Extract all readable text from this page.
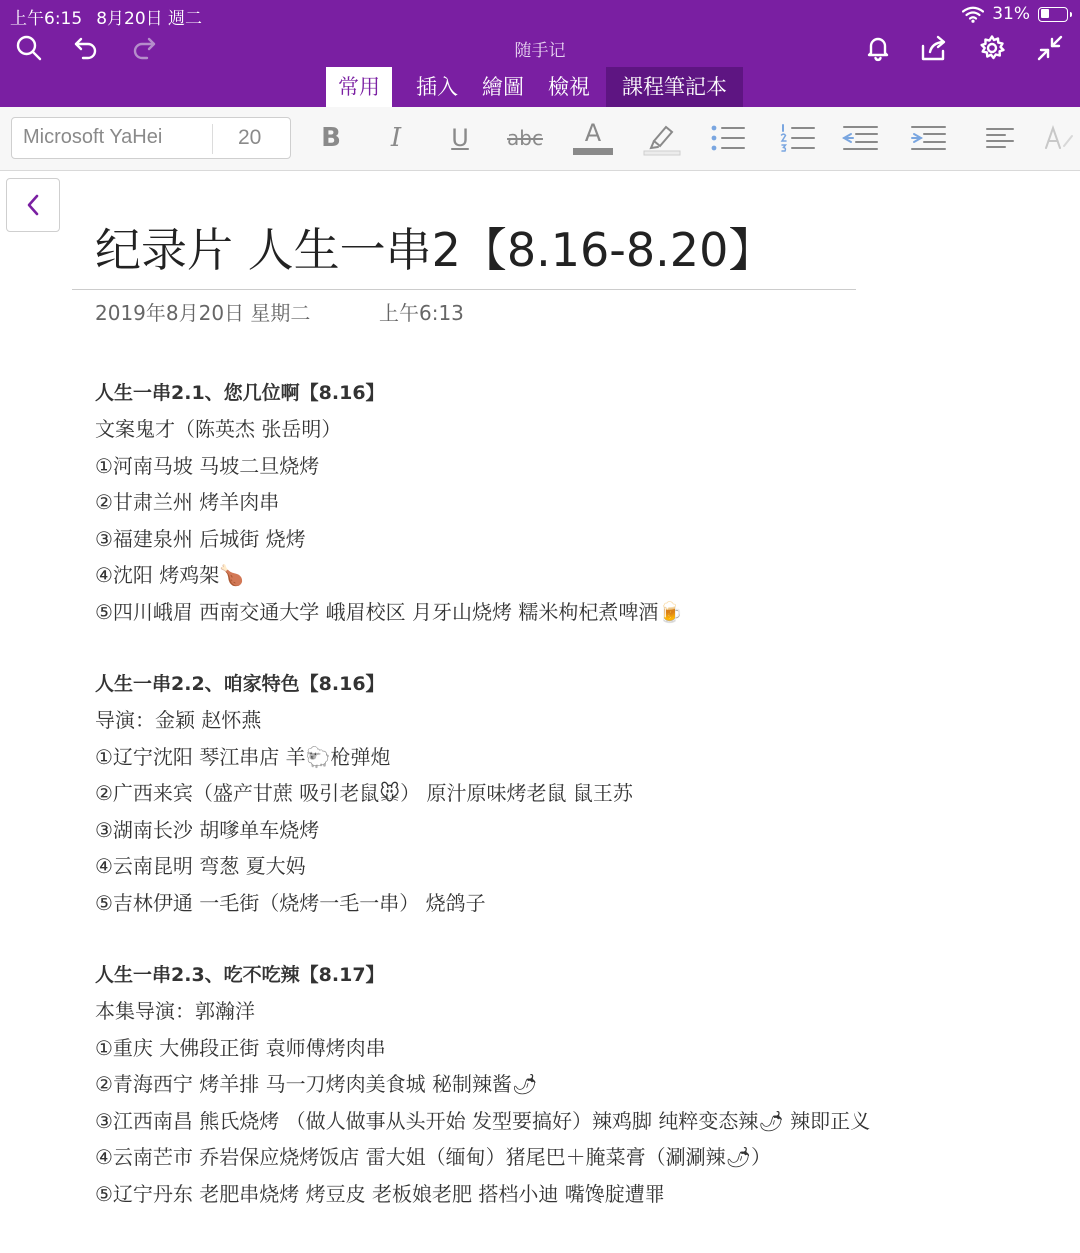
上午6:15 8月20日 週二	31%
随手记
常用	插入	繪圖	檢視	課程筆記本
Microsoft YaHei	20 B I U abc A
纪录片 人生一串2【8.16-8.20】
2019年8月20日 星期二	上午6:13
人生一串2.1、您几位啊【8.16】
文案鬼才（陈英杰 张岳明）
①河南马坡 马坡二旦烧烤
②甘肃兰州 烤羊肉串
③福建泉州 后城街 烧烤
④沈阳 烤鸡架🍗
⑤四川峨眉 西南交通大学 峨眉校区 月牙山烧烤 糯米枸杞煮啤酒🍺
人生一串2.2、咱家特色【8.16】
导演：金颖 赵怀燕
①辽宁沈阳 琴江串店 羊🐑枪弹炮
②广西来宾（盛产甘蔗 吸引老鼠🐭） 原汁原味烤老鼠 鼠王苏
③湖南长沙 胡嗲单车烧烤
④云南昆明 弯葱 夏大妈
⑤吉林伊通 一毛街（烧烤一毛一串） 烧鸽子
人生一串2.3、吃不吃辣【8.17】
本集导演：郭瀚洋
①重庆 大佛段正街 袁师傅烤肉串
②青海西宁 烤羊排 马一刀烤肉美食城 秘制辣酱🌶
③江西南昌 熊氏烧烤 （做人做事从头开始 发型要搞好）辣鸡脚 纯粹变态辣🌶 辣即正义
④云南芒市 乔岩保应烧烤饭店 雷大姐（缅甸）猪尾巴＋腌菜膏（涮涮辣🌶）
⑤辽宁丹东 老肥串烧烤 烤豆皮 老板娘老肥 搭档小迪 嘴馋腚遭罪
